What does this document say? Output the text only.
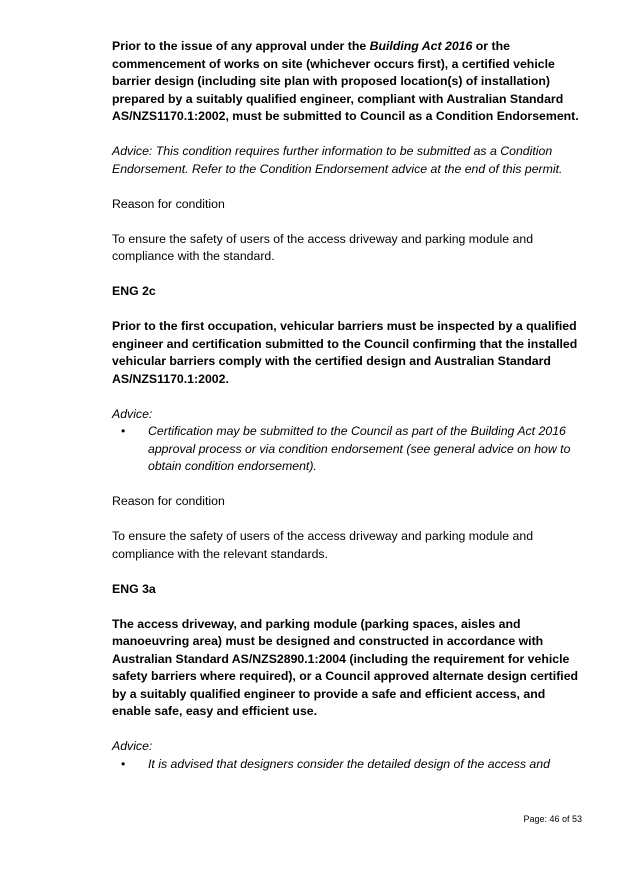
Prior to the issue of any approval under the Building Act 2016 or the commencement of works on site (whichever occurs first), a certified vehicle barrier design (including site plan with proposed location(s) of installation) prepared by a suitably qualified engineer, compliant with Australian Standard AS/NZS1170.1:2002, must be submitted to Council as a Condition Endorsement.

Advice: This condition requires further information to be submitted as a Condition Endorsement. Refer to the Condition Endorsement advice at the end of this permit.

Reason for condition

To ensure the safety of users of the access driveway and parking module and compliance with the standard.

ENG 2c

Prior to the first occupation, vehicular barriers must be inspected by a qualified engineer and certification submitted to the Council confirming that the installed vehicular barriers comply with the certified design and Australian Standard AS/NZS1170.1:2002.

Advice:

• Certification may be submitted to the Council as part of the Building Act 2016 approval process or via condition endorsement (see general advice on how to obtain condition endorsement).

Reason for condition

To ensure the safety of users of the access driveway and parking module and compliance with the relevant standards.

ENG 3a

The access driveway, and parking module (parking spaces, aisles and manoeuvring area) must be designed and constructed in accordance with Australian Standard AS/NZS2890.1:2004 (including the requirement for vehicle safety barriers where required), or a Council approved alternate design certified by a suitably qualified engineer to provide a safe and efficient access, and enable safe, easy and efficient use.

Advice:

• It is advised that designers consider the detailed design of the access and
Page: 46 of 53
